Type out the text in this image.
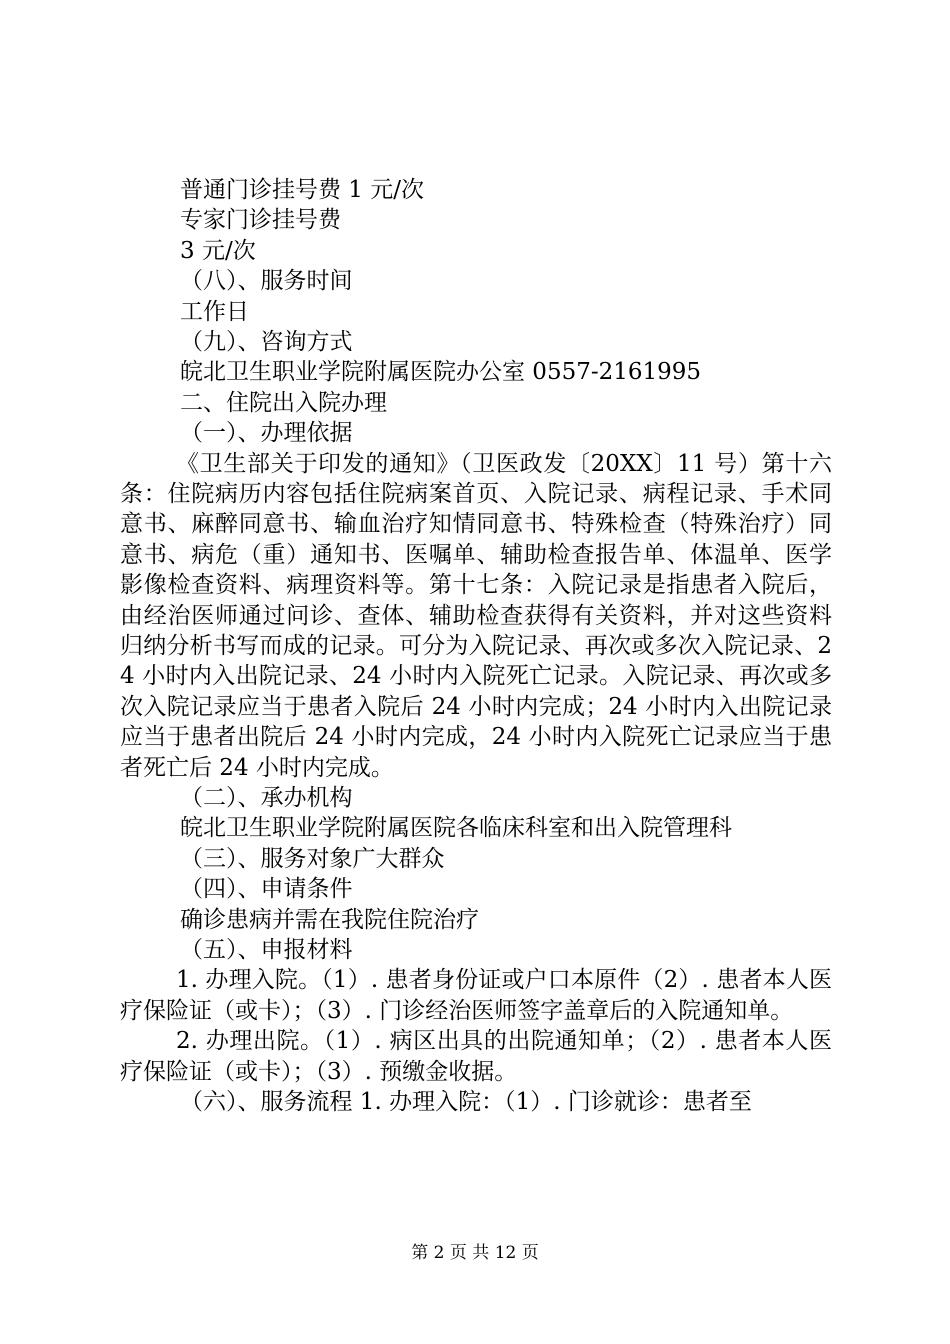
普通门诊挂号费 1 元/次

专家门诊挂号费

3 元/次

（八）、服务时间

工作日

（九）、咨询方式

皖北卫生职业学院附属医院办公室 0557-2161995

二、住院出入院办理

（一）、办理依据

《卫生部关于印发的通知》（卫医政发〔20XX〕11 号）第十六条：住院病历内容包括住院病案首页、入院记录、病程记录、手术同意书、麻醉同意书、输血治疗知情同意书、特殊检查（特殊治疗）同意书、病危（重）通知书、医嘱单、辅助检查报告单、体温单、医学影像检查资料、病理资料等。第十七条：入院记录是指患者入院后，由经治医师通过问诊、查体、辅助检查获得有关资料，并对这些资料归纳分析书写而成的记录。可分为入院记录、再次或多次入院记录、24 小时内入出院记录、24 小时内入院死亡记录。入院记录、再次或多次入院记录应当于患者入院后 24 小时内完成；24 小时内入出院记录应当于患者出院后 24 小时内完成，24 小时内入院死亡记录应当于患者死亡后 24 小时内完成。

（二）、承办机构

皖北卫生职业学院附属医院各临床科室和出入院管理科

（三）、服务对象广大群众

（四）、申请条件

确诊患病并需在我院住院治疗

（五）、申报材料

1. 办理入院。（1）. 患者身份证或户口本原件（2）. 患者本人医疗保险证（或卡）；（3）. 门诊经治医师签字盖章后的入院通知单。

2. 办理出院。（1）. 病区出具的出院通知单；（2）. 患者本人医疗保险证（或卡）；（3）. 预缴金收据。

（六）、服务流程 1. 办理入院：（1）. 门诊就诊：患者至

第 2 页 共 12 页
